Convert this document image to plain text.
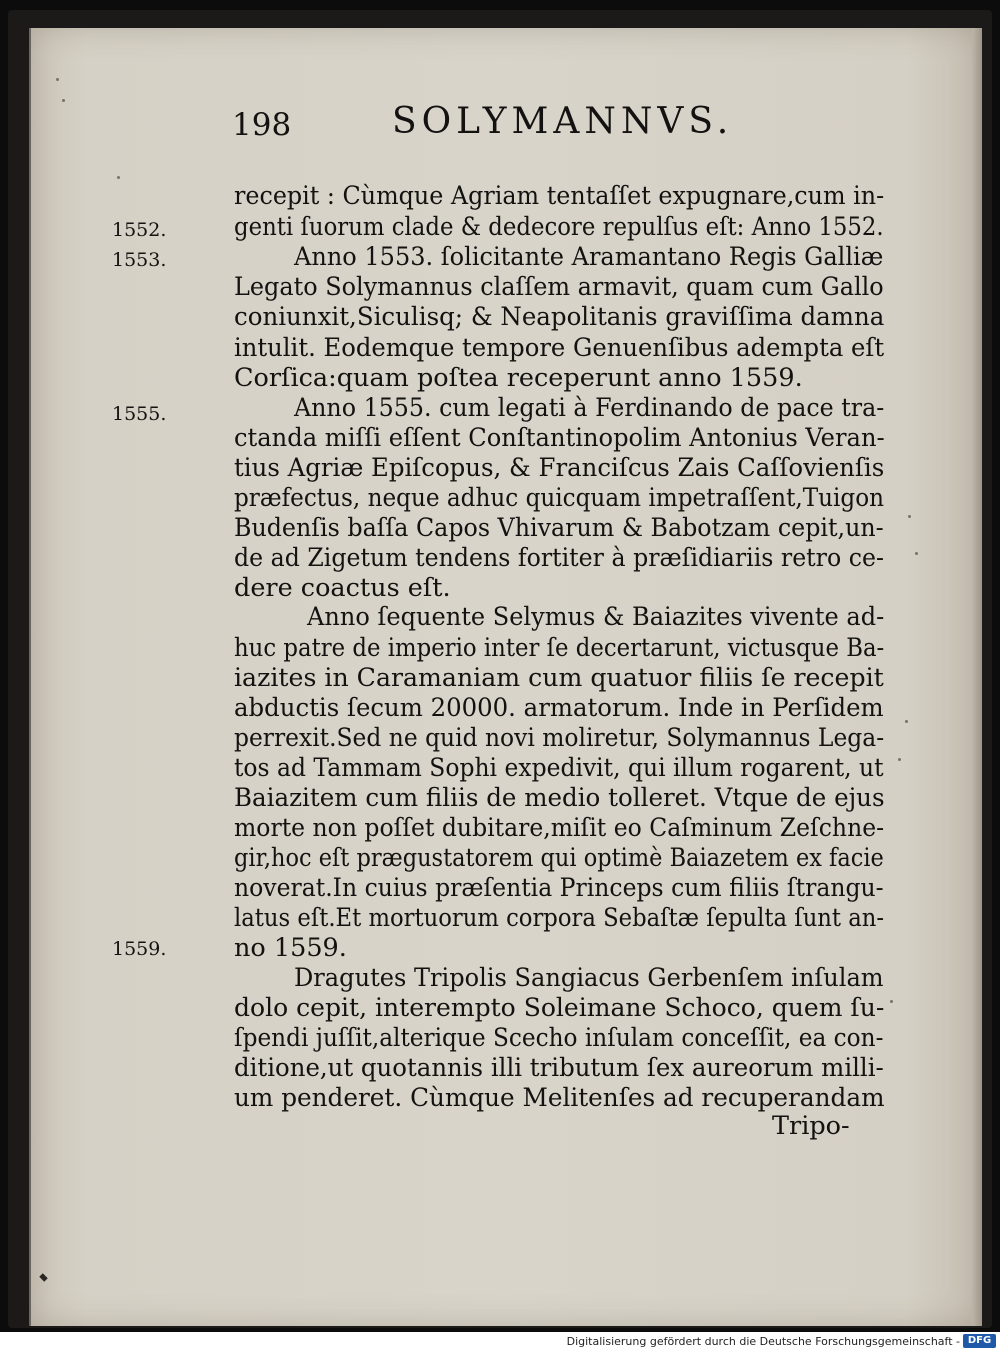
198	SOLYMANNVS.
1552.
1553.
1555.
1559.
recepit : Cùmque Agriam tentaſſet expugnare,cum in-
genti ſuorum clade & dedecore repulſus eſt: Anno 1552.
Anno 1553. ſolicitante Aramantano Regis Galliæ
Legato Solymannus claſſem armavit, quam cum Gallo
coniunxit,Siculisq; & Neapolitanis graviſſima damna
intulit. Eodemque tempore Genuenſibus adempta eſt
Corſica:quam poſtea receperunt anno 1559.
Anno 1555. cum legati à Ferdinando de pace tra-
ctanda miſſi eſſent Conſtantinopolim Antonius Veran-
tius Agriæ Epiſcopus, & Franciſcus Zais Caſſovienſis
præfectus, neque adhuc quicquam impetraſſent,Tuigon
Budenſis baſſa Capos Vhivarum & Babotzam cepit,un-
de ad Zigetum tendens fortiter à præſidiariis retro ce-
dere coactus eſt.
Anno ſequente Selymus & Baiazites vivente ad-
huc patre de imperio inter ſe decertarunt, victusque Ba-
iazites in Caramaniam cum quatuor filiis ſe recepit
abductis ſecum 20000. armatorum. Inde in Perſidem
perrexit.Sed ne quid novi moliretur, Solymannus Lega-
tos ad Tammam Sophi expedivit, qui illum rogarent, ut
Baiazitem cum filiis de medio tolleret. Vtque de ejus
morte non poſſet dubitare,miſit eo Caſminum Zeſchne-
gir,hoc eſt prægustatorem qui optimè Baiazetem ex facie
noverat.In cuius præſentia Princeps cum filiis ſtrangu-
latus eſt.Et mortuorum corpora Sebaſtæ ſepulta ſunt an-
no 1559.
Dragutes Tripolis Sangiacus Gerbenſem inſulam
dolo cepit, interempto Soleimane Schoco, quem ſu-
ſpendi juſſit,alterique Scecho inſulam conceſſit, ea con-
ditione,ut quotannis illi tributum ſex aureorum milli-
um penderet. Cùmque Melitenſes ad recuperandam
Tripo-
Digitalisierung gefördert durch die Deutsche Forschungsgemeinschaft - DFG
